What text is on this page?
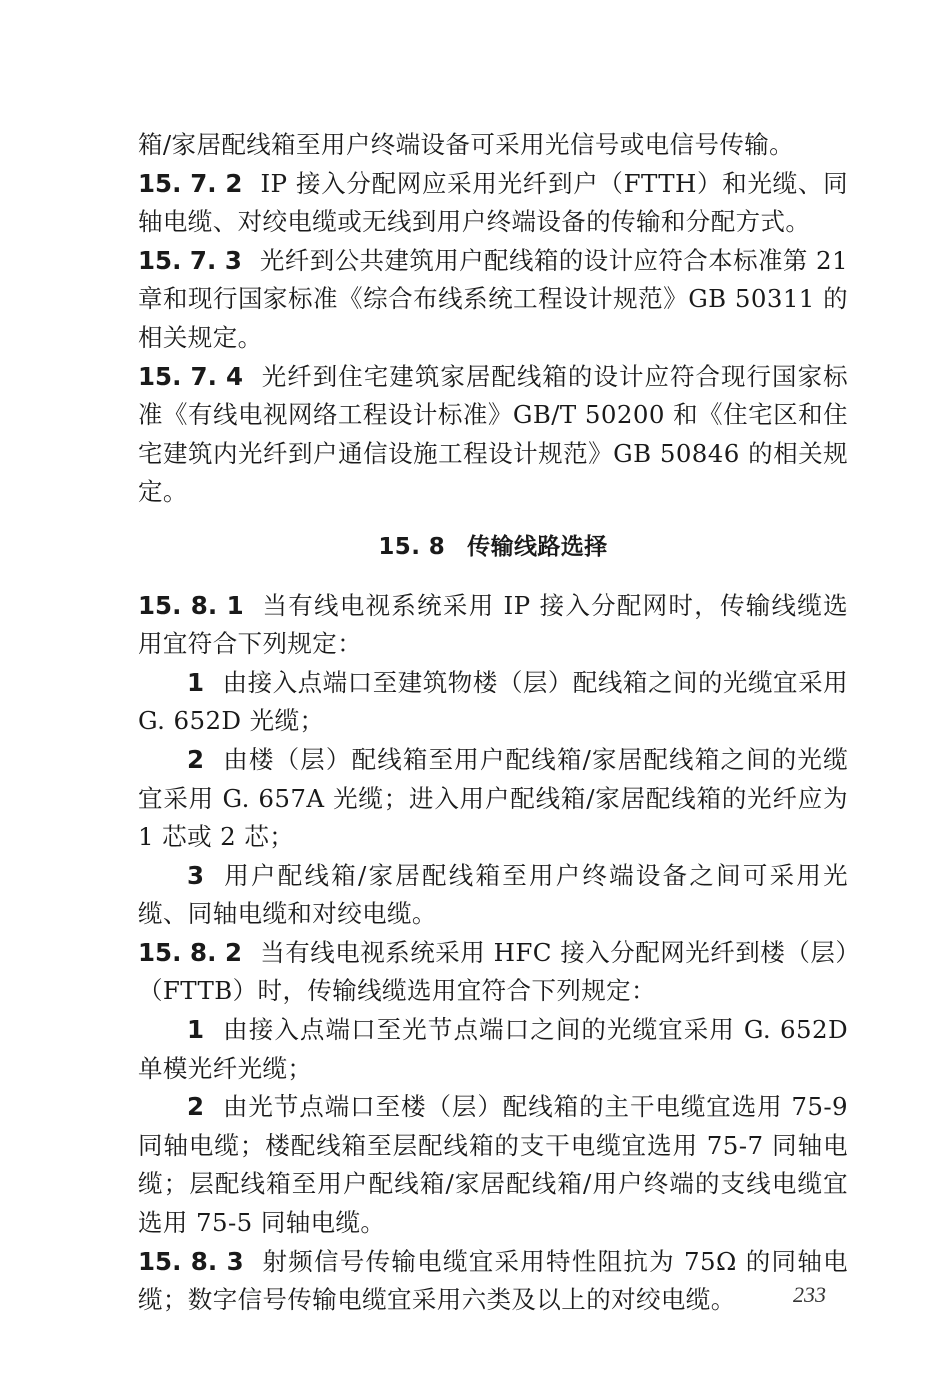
箱/家居配线箱至用户终端设备可采用光信号或电信号传输。

15. 7. 2 IP 接入分配网应采用光纤到户（FTTH）和光缆、同轴电缆、对绞电缆或无线到用户终端设备的传输和分配方式。

15. 7. 3 光纤到公共建筑用户配线箱的设计应符合本标准第 21 章和现行国家标准《综合布线系统工程设计规范》GB 50311 的相关规定。

15. 7. 4 光纤到住宅建筑家居配线箱的设计应符合现行国家标准《有线电视网络工程设计标准》GB/T 50200 和《住宅区和住宅建筑内光纤到户通信设施工程设计规范》GB 50846 的相关规定。

15. 8 传输线路选择

15. 8. 1 当有线电视系统采用 IP 接入分配网时，传输线缆选用宜符合下列规定：

1 由接入点端口至建筑物楼（层）配线箱之间的光缆宜采用 G. 652D 光缆；

2 由楼（层）配线箱至用户配线箱/家居配线箱之间的光缆宜采用 G. 657A 光缆；进入用户配线箱/家居配线箱的光纤应为 1 芯或 2 芯；

3 用户配线箱/家居配线箱至用户终端设备之间可采用光缆、同轴电缆和对绞电缆。

15. 8. 2 当有线电视系统采用 HFC 接入分配网光纤到楼（层）（FTTB）时，传输线缆选用宜符合下列规定：

1 由接入点端口至光节点端口之间的光缆宜采用 G. 652D 单模光纤光缆；

2 由光节点端口至楼（层）配线箱的主干电缆宜选用 75-9 同轴电缆；楼配线箱至层配线箱的支干电缆宜选用 75-7 同轴电缆；层配线箱至用户配线箱/家居配线箱/用户终端的支线电缆宜选用 75-5 同轴电缆。

15. 8. 3 射频信号传输电缆宜采用特性阻抗为 75Ω 的同轴电缆；数字信号传输电缆宜采用六类及以上的对绞电缆。	233
